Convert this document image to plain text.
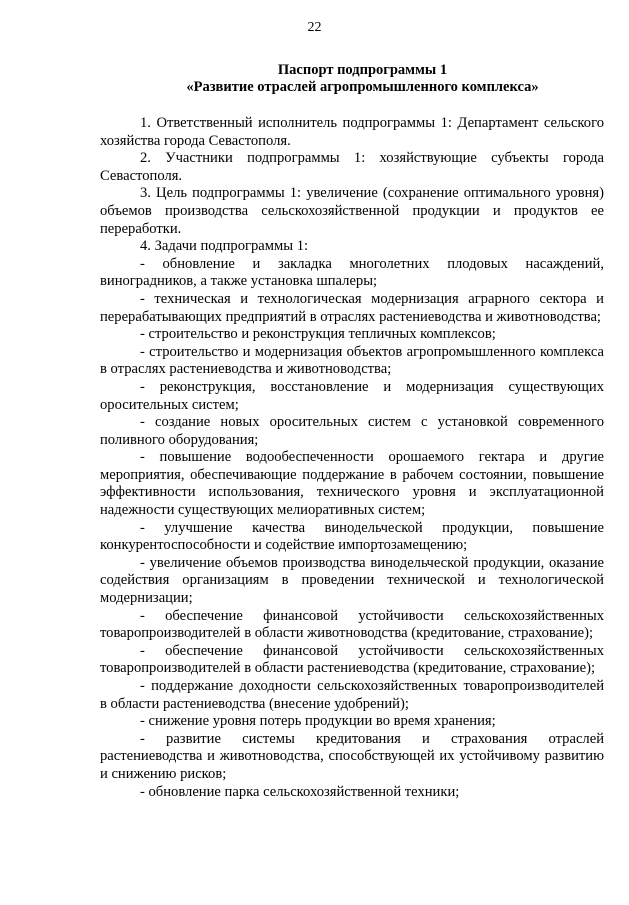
22
Паспорт подпрограммы 1
«Развитие отраслей агропромышленного комплекса»

1. Ответственный исполнитель подпрограммы 1: Департамент сельского хозяйства города Севастополя.

2. Участники подпрограммы 1: хозяйствующие субъекты города Севастополя.

3. Цель подпрограммы 1: увеличение (сохранение оптимального уровня) объемов производства сельскохозяйственной продукции и продуктов ее переработки.

4. Задачи подпрограммы 1:

- обновление и закладка многолетних плодовых насаждений, виноградников, а также установка шпалеры;

- техническая и технологическая модернизация аграрного сектора и перерабатывающих предприятий в отраслях растениеводства и животноводства;

- строительство и реконструкция тепличных комплексов;

- строительство и модернизация объектов агропромышленного комплекса в отраслях растениеводства и животноводства;

- реконструкция, восстановление и модернизация существующих оросительных систем;

- создание новых оросительных систем с установкой современного поливного оборудования;

- повышение водообеспеченности орошаемого гектара и другие мероприятия, обеспечивающие поддержание в рабочем состоянии, повышение эффективности использования, технического уровня и эксплуатационной надежности существующих мелиоративных систем;

- улучшение качества винодельческой продукции, повышение конкурентоспособности и содействие импортозамещению;

- увеличение объемов производства винодельческой продукции, оказание содействия организациям в проведении технической и технологической модернизации;

- обеспечение финансовой устойчивости сельскохозяйственных товаропроизводителей в области животноводства (кредитование, страхование);

- обеспечение финансовой устойчивости сельскохозяйственных товаропроизводителей в области растениеводства (кредитование, страхование);

- поддержание доходности сельскохозяйственных товаропроизводителей в области растениеводства (внесение удобрений);

- снижение уровня потерь продукции во время хранения;

- развитие системы кредитования и страхования отраслей растениеводства и животноводства, способствующей их устойчивому развитию и снижению рисков;

- обновление парка сельскохозяйственной техники;
